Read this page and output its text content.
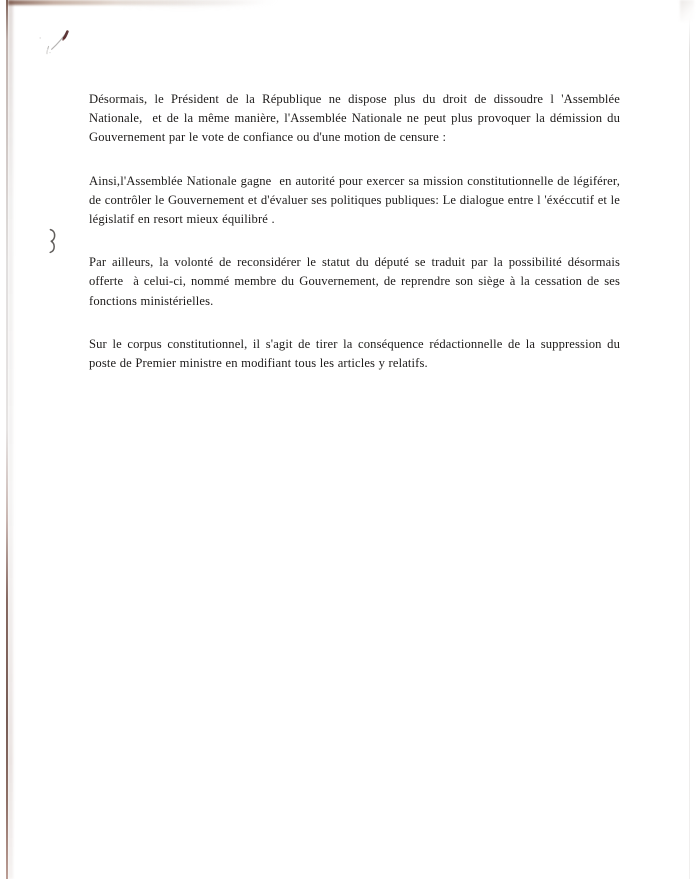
Désormais, le Président de la République ne dispose plus du droit de dissoudre l 'Assemblée Nationale,  et de la même manière, l'Assemblée Nationale ne peut plus provoquer la démission du Gouvernement par le vote de confiance ou d'une motion de censure :

Ainsi,l'Assemblée Nationale gagne  en autorité pour exercer sa mission constitutionnelle de légiférer, de contrôler le Gouvernement et d'évaluer ses politiques publiques: Le dialogue entre l 'éxéccutif et le législatif en resort mieux équilibré .

Par ailleurs, la volonté de reconsidérer le statut du député se traduit par la possibilité désormais offerte  à celui-ci, nommé membre du Gouvernement, de reprendre son siège à la cessation de ses fonctions ministérielles.

Sur le corpus constitutionnel, il s'agit de tirer la conséquence rédactionnelle de la suppression du poste de Premier ministre en modifiant tous les articles y relatifs.
